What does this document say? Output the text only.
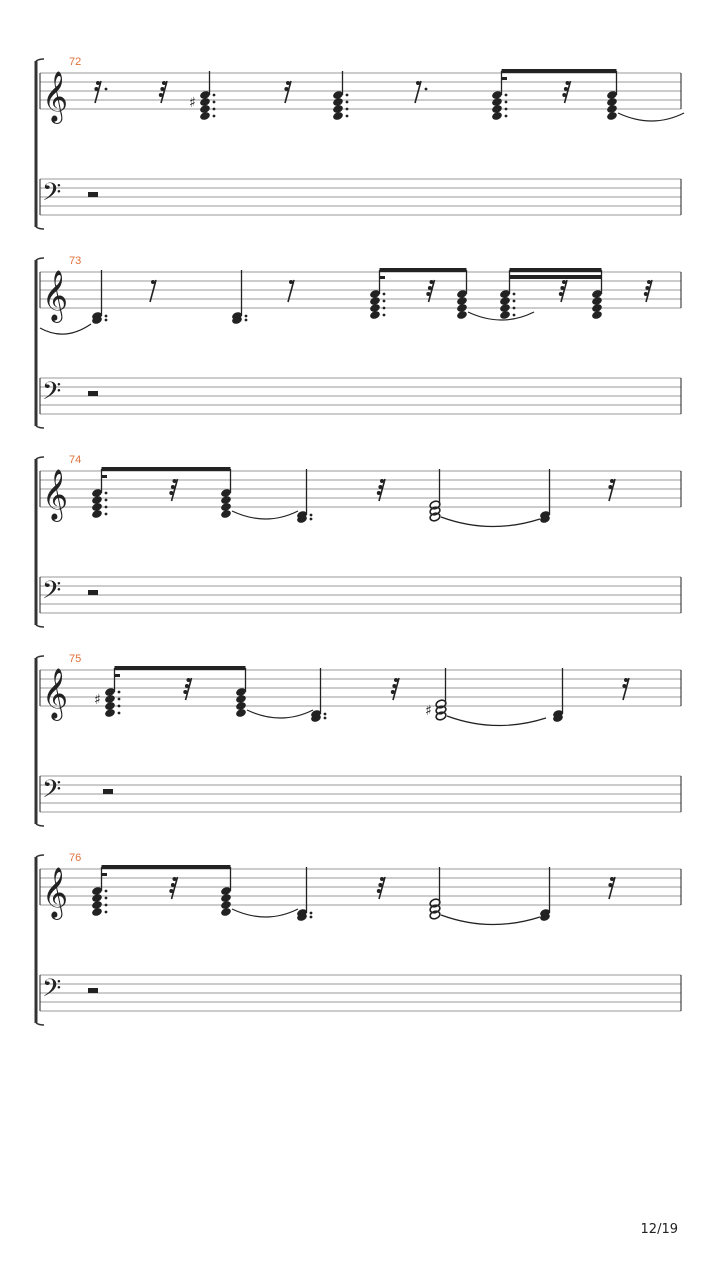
𝄞	♯
72
𝄢
𝄞
73
𝄢
𝄞
74
𝄢
𝄞 ♯
♯
75
𝄢
𝄞
76
𝄢
12/19
